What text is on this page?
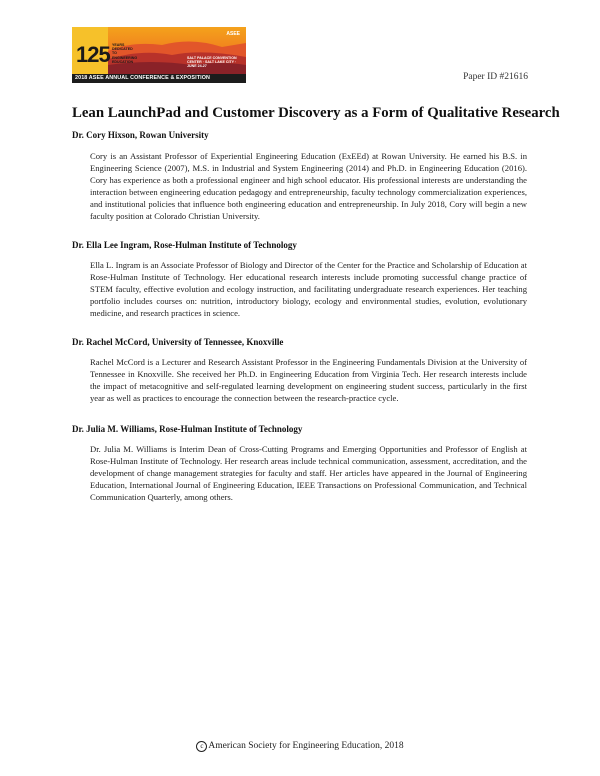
125 YEARS DEDICATED TO ENGINEERING EDUCATION
SALT PALACE CONVENTION CENTER · SALT LAKE CITY · JUNE 24-27
ASEE
2018 ASEE ANNUAL CONFERENCE & EXPOSITION	Paper ID #21616
Lean LaunchPad and Customer Discovery as a Form of Qualitative Research

Dr. Cory Hixson, Rowan University

Cory is an Assistant Professor of Experiential Engineering Education (ExEEd) at Rowan University. He earned his B.S. in Engineering Science (2007), M.S. in Industrial and System Engineering (2014) and Ph.D. in Engineering Education (2016). Cory has experience as both a professional engineer and high school educator. His professional interests are understanding the interaction between engineering education pedagogy and entrepreneurship, faculty technology commercialization experiences, and institutional policies that influence both engineering education and entrepreneurship. In July 2018, Cory will begin a new faculty position at Colorado Christian University.

Dr. Ella Lee Ingram, Rose-Hulman Institute of Technology

Ella L. Ingram is an Associate Professor of Biology and Director of the Center for the Practice and Scholarship of Education at Rose-Hulman Institute of Technology. Her educational research interests include promoting successful change practice of STEM faculty, effective evolution and ecology instruction, and facilitating undergraduate research experiences. Her teaching portfolio includes courses on: nutrition, introductory biology, ecology and environmental studies, evolution, evolutionary medicine, and research practices in science.

Dr. Rachel McCord, University of Tennessee, Knoxville

Rachel McCord is a Lecturer and Research Assistant Professor in the Engineering Fundamentals Division at the University of Tennessee in Knoxville. She received her Ph.D. in Engineering Education from Virginia Tech. Her research interests include the impact of metacognitive and self-regulated learning development on engineering student success, particularly in the first year as well as practices to encourage the connection between the research-practice cycle.

Dr. Julia M. Williams, Rose-Hulman Institute of Technology

Dr. Julia M. Williams is Interim Dean of Cross-Cutting Programs and Emerging Opportunities and Professor of English at Rose-Hulman Institute of Technology. Her research areas include technical communication, assessment, accreditation, and the development of change management strategies for faculty and staff. Her articles have appeared in the Journal of Engineering Education, International Journal of Engineering Education, IEEE Transactions on Professional Communication, and Technical Communication Quarterly, among others.

c American Society for Engineering Education, 2018
